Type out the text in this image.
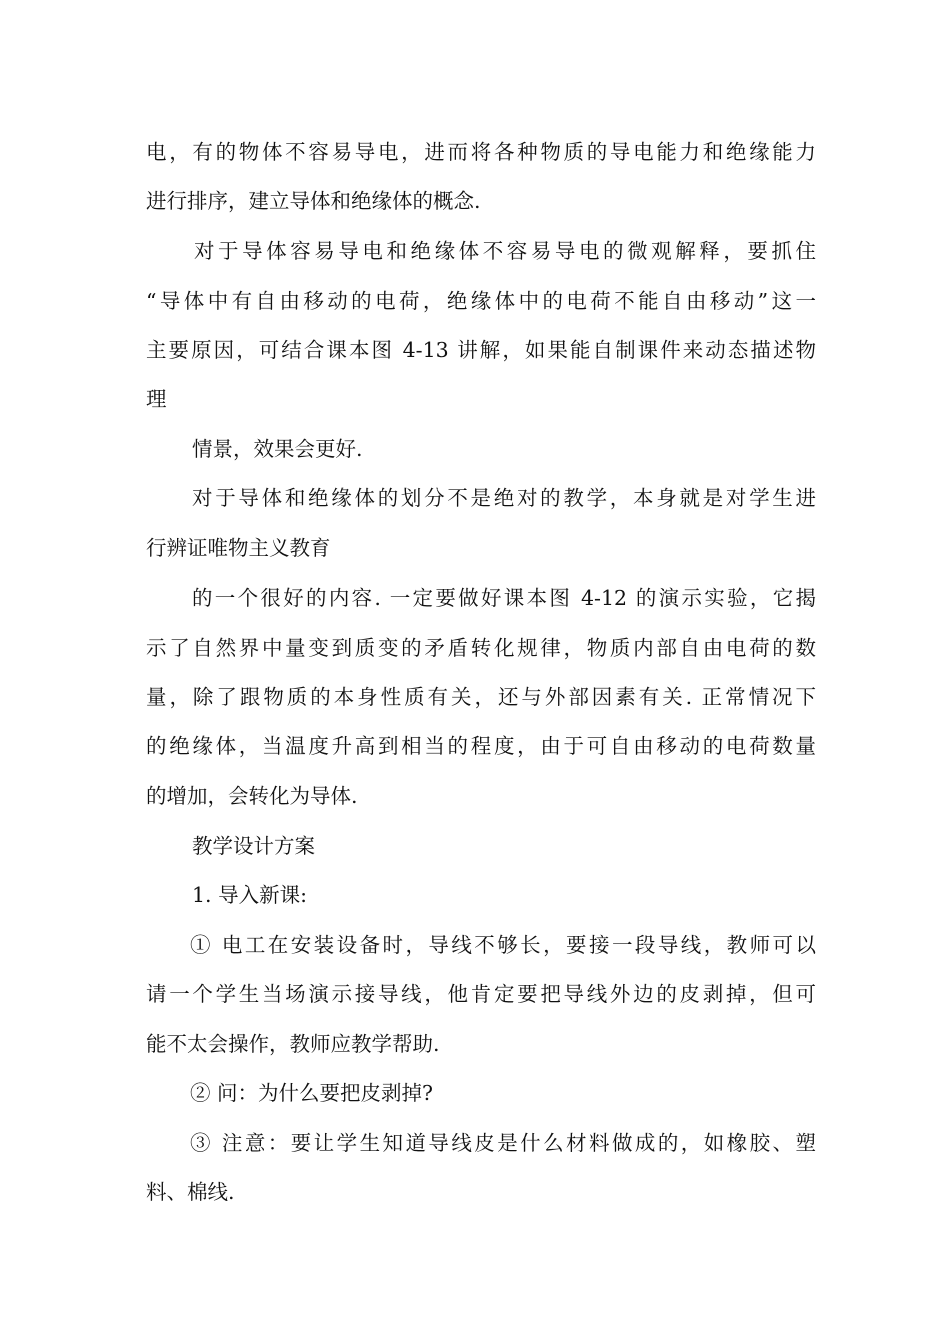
电，有的物体不容易导电，进而将各种物质的导电能力和绝缘能力
进行排序，建立导体和绝缘体的概念.
对于导体容易导电和绝缘体不容易导电的微观解释，要抓住
“导体中有自由移动的电荷，绝缘体中的电荷不能自由移动”这一
主要原因，可结合课本图 4-13 讲解，如果能自制课件来动态描述物
理
情景，效果会更好.
对于导体和绝缘体的划分不是绝对的教学，本身就是对学生进
行辨证唯物主义教育
的一个很好的内容. 一定要做好课本图 4-12 的演示实验，它揭
示了自然界中量变到质变的矛盾转化规律，物质内部自由电荷的数
量，除了跟物质的本身性质有关，还与外部因素有关. 正常情况下
的绝缘体，当温度升高到相当的程度，由于可自由移动的电荷数量
的增加，会转化为导体.
教学设计方案
1. 导入新课:
① 电工在安装设备时，导线不够长，要接一段导线，教师可以
请一个学生当场演示接导线，他肯定要把导线外边的皮剥掉，但可
能不太会操作，教师应教学帮助.
② 问：为什么要把皮剥掉?
③ 注意：要让学生知道导线皮是什么材料做成的，如橡胶、塑
料、棉线.
